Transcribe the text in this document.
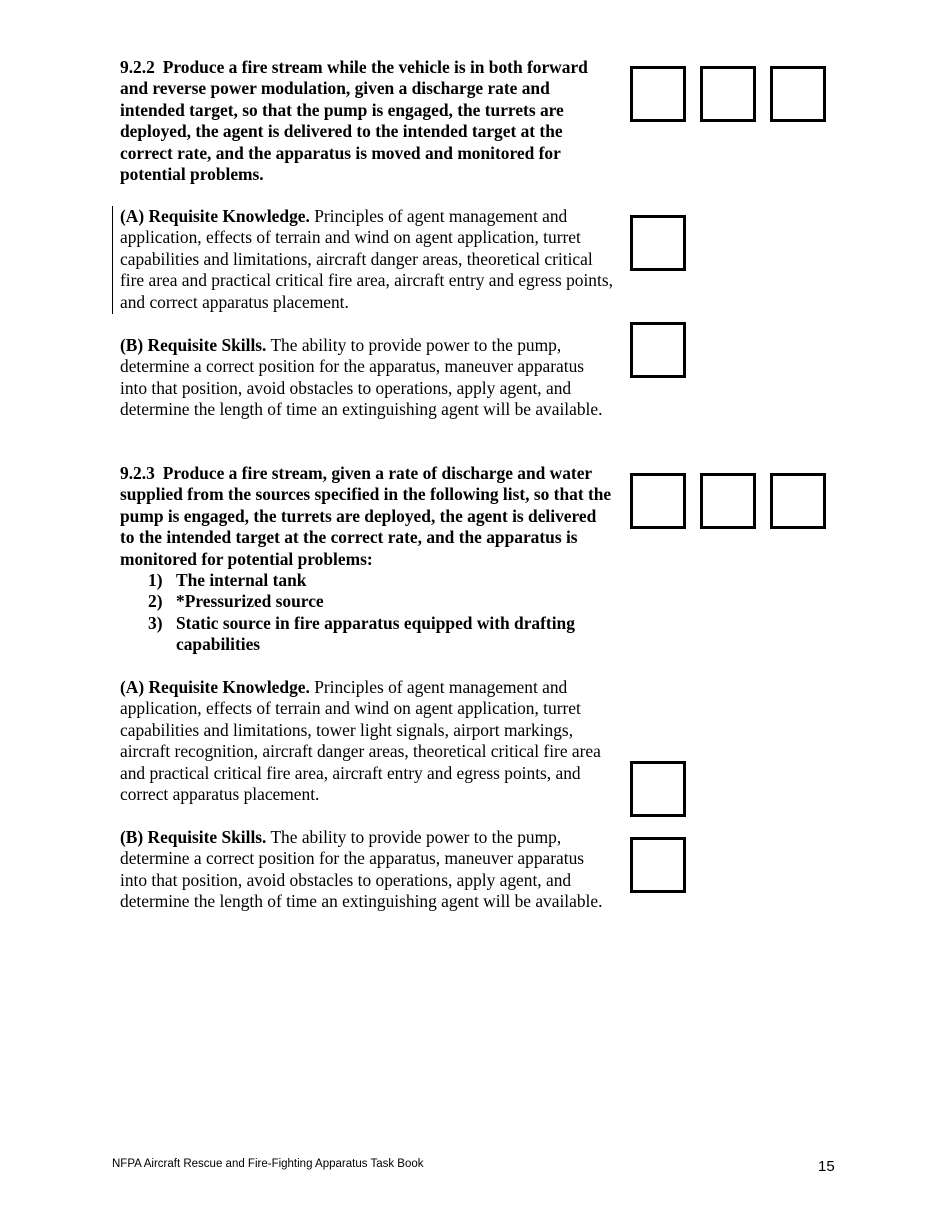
9.2.2 Produce a fire stream while the vehicle is in both forward and reverse power modulation, given a discharge rate and intended target, so that the pump is engaged, the turrets are deployed, the agent is delivered to the intended target at the correct rate, and the apparatus is moved and monitored for potential problems.
(A) Requisite Knowledge. Principles of agent management and application, effects of terrain and wind on agent application, turret capabilities and limitations, aircraft danger areas, theoretical critical fire area and practical critical fire area, aircraft entry and egress points, and correct apparatus placement.
(B) Requisite Skills. The ability to provide power to the pump, determine a correct position for the apparatus, maneuver apparatus into that position, avoid obstacles to operations, apply agent, and determine the length of time an extinguishing agent will be available.
9.2.3 Produce a fire stream, given a rate of discharge and water supplied from the sources specified in the following list, so that the pump is engaged, the turrets are deployed, the agent is delivered to the intended target at the correct rate, and the apparatus is monitored for potential problems:
1) The internal tank
2) *Pressurized source
3) Static source in fire apparatus equipped with drafting capabilities
(A) Requisite Knowledge. Principles of agent management and application, effects of terrain and wind on agent application, turret capabilities and limitations, tower light signals, airport markings, aircraft recognition, aircraft danger areas, theoretical critical fire area and practical critical fire area, aircraft entry and egress points, and correct apparatus placement.
(B) Requisite Skills. The ability to provide power to the pump, determine a correct position for the apparatus, maneuver apparatus into that position, avoid obstacles to operations, apply agent, and determine the length of time an extinguishing agent will be available.
NFPA Aircraft Rescue and Fire-Fighting Apparatus Task Book	15
